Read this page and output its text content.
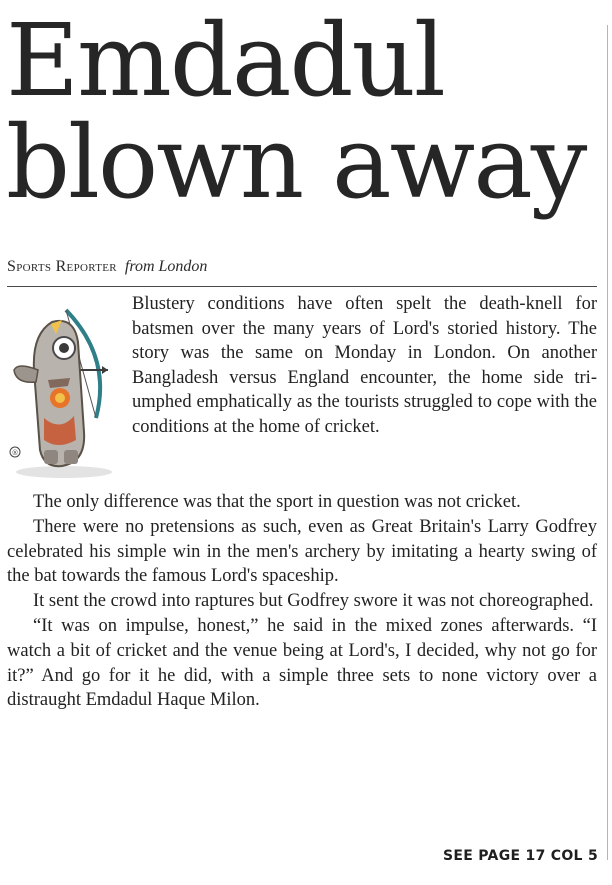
Emdadul
blown away
Sports Reporter from London
®
Blustery conditions have often spelt the death-knell for batsmen over the many years of Lord's storied history. The story was the same on Monday in London. On another Bangladesh versus England encounter, the home side tri-umphed emphatically as the tourists struggled to cope with the conditions at the home of cricket.

The only difference was that the sport in question was not cricket.

There were no pretensions as such, even as Great Britain's Larry Godfrey celebrated his simple win in the men's archery by imitating a hearty swing of the bat towards the famous Lord's spaceship.

It sent the crowd into raptures but Godfrey swore it was not choreographed.

“It was on impulse, honest,” he said in the mixed zones afterwards. “I watch a bit of cricket and the venue being at Lord's, I decided, why not go for it?” And go for it he did, with a simple three sets to none victory over a distraught Emdadul Haque Milon.

SEE PAGE 17 COL 5
